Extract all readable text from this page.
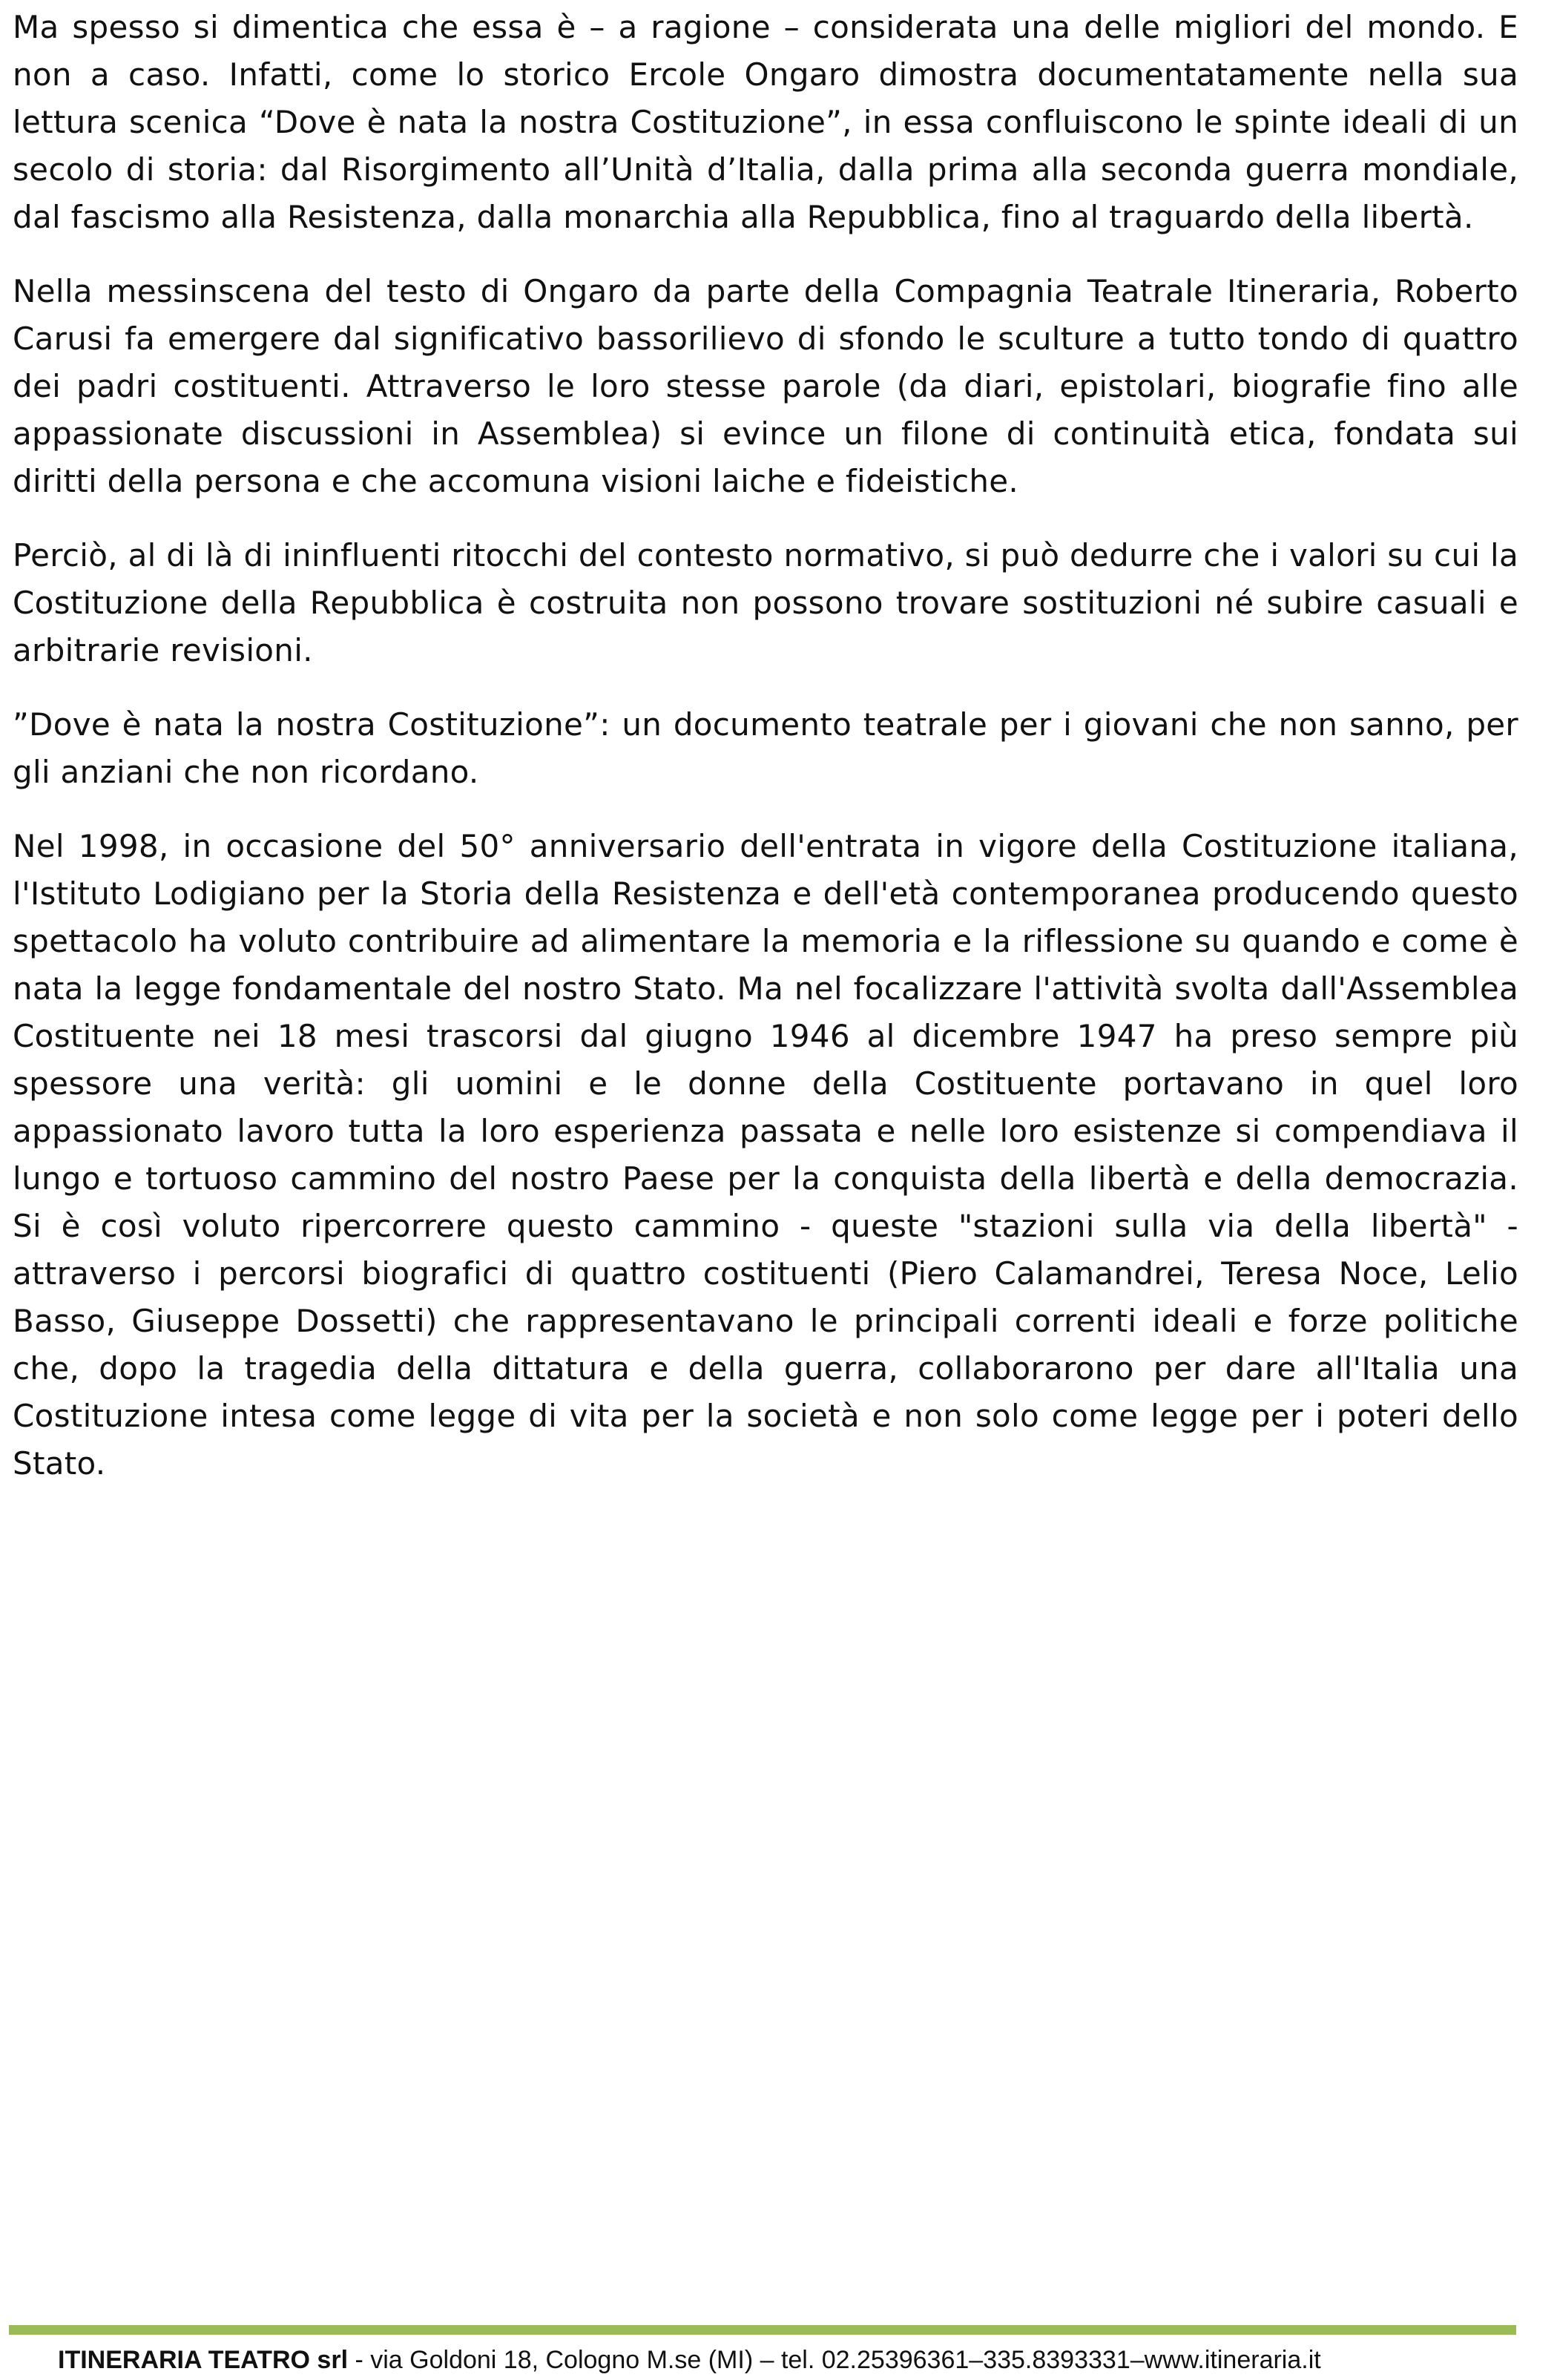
Ma spesso si dimentica che essa è – a ragione – considerata una delle migliori del mondo. E non a caso. Infatti, come lo storico Ercole Ongaro dimostra documentatamente nella sua lettura scenica “Dove è nata la nostra Costituzione”, in essa confluiscono le spinte ideali di un secolo di storia: dal Risorgimento all’Unità d’Italia, dalla prima alla seconda guerra mondiale, dal fascismo alla Resistenza, dalla monarchia alla Repubblica, fino al traguardo della libertà.

Nella messinscena del testo di Ongaro da parte della Compagnia Teatrale Itineraria, Roberto Carusi fa emergere dal significativo bassorilievo di sfondo le sculture a tutto tondo di quattro dei padri costituenti. Attraverso le loro stesse parole (da diari, epistolari, biografie fino alle appassionate discussioni in Assemblea) si evince un filone di continuità etica, fondata sui diritti della persona e che accomuna visioni laiche e fideistiche.

Perciò, al di là di ininfluenti ritocchi del contesto normativo, si può dedurre che i valori su cui la Costituzione della Repubblica è costruita non possono trovare sostituzioni né subire casuali e arbitrarie revisioni.

”Dove è nata la nostra Costituzione”: un documento teatrale per i giovani che non sanno, per gli anziani che non ricordano.

Nel 1998, in occasione del 50° anniversario dell'entrata in vigore della Costituzione italiana, l'Istituto Lodigiano per la Storia della Resistenza e dell'età contemporanea producendo questo spettacolo ha voluto contribuire ad alimentare la memoria e la riflessione su quando e come è nata la legge fondamentale del nostro Stato. Ma nel focalizzare l'attività svolta dall'Assemblea Costituente nei 18 mesi trascorsi dal giugno 1946 al dicembre 1947 ha preso sempre più spessore una verità: gli uomini e le donne della Costituente portavano in quel loro appassionato lavoro tutta la loro esperienza passata e nelle loro esistenze si compendiava il lungo e tortuoso cammino del nostro Paese per la conquista della libertà e della democrazia. Si è così voluto ripercorrere questo cammino - queste "stazioni sulla via della libertà" - attraverso i percorsi biografici di quattro costituenti (Piero Calamandrei, Teresa Noce, Lelio Basso, Giuseppe Dossetti) che rappresentavano le principali correnti ideali e forze politiche che, dopo la tragedia della dittatura e della guerra, collaborarono per dare all'Italia una Costituzione intesa come legge di vita per la società e non solo come legge per i poteri dello Stato.

ITINERARIA TEATRO srl - via Goldoni 18, Cologno M.se (MI) – tel. 02.25396361–335.8393331–www.itineraria.it
